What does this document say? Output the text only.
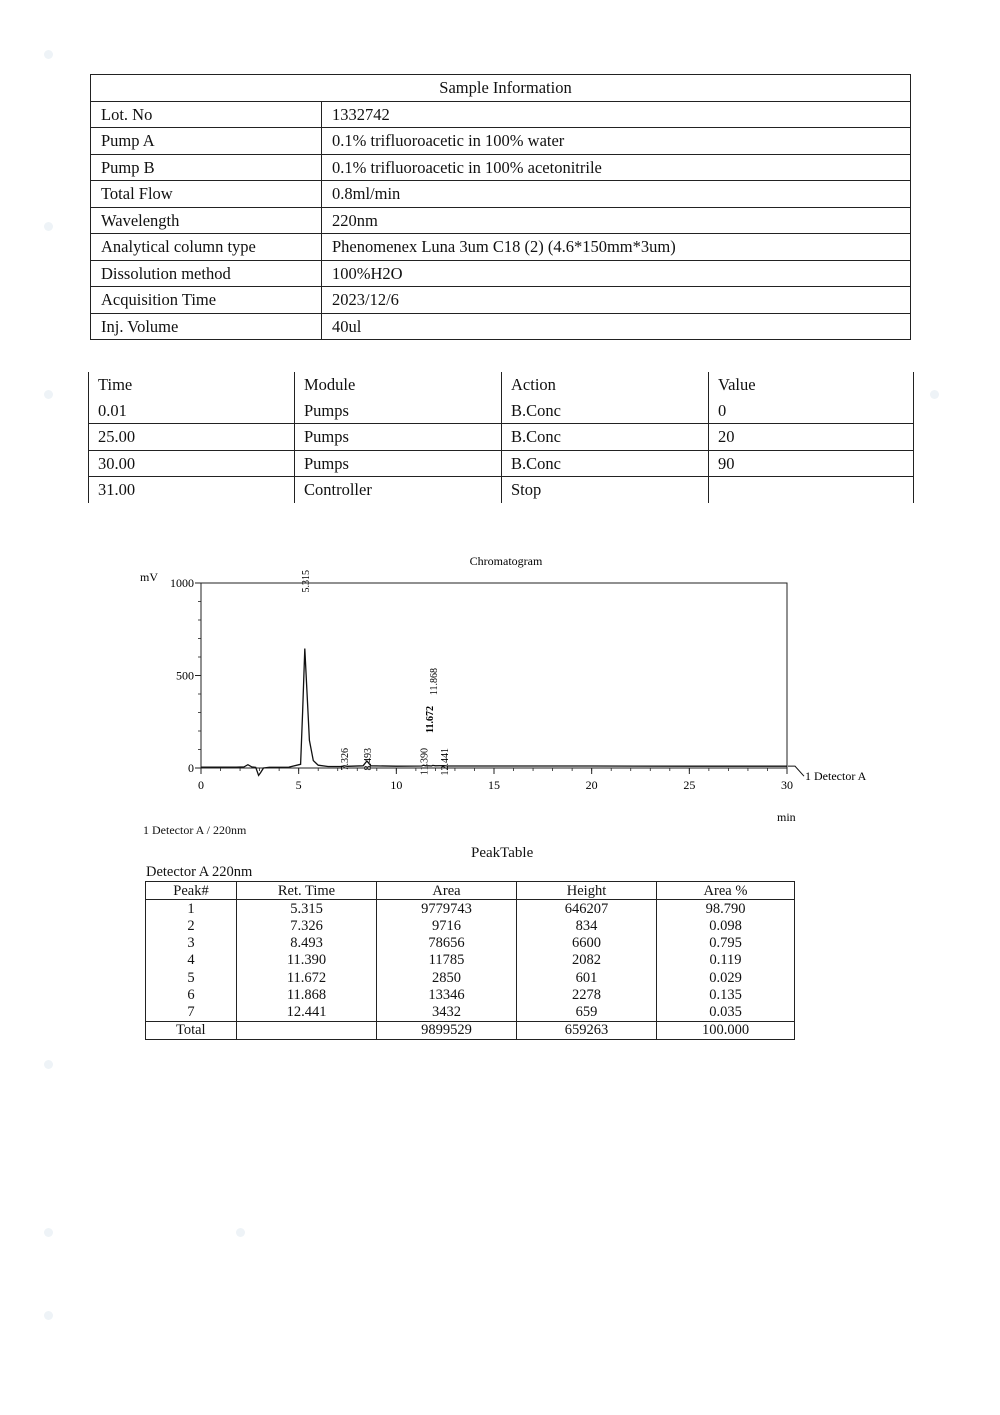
Sample Information	
Lot. No	1332742
Pump A	0.1% trifluoroacetic in 100% water
Pump B	0.1% trifluoroacetic in 100% acetonitrile
Total Flow	0.8ml/min
Wavelength	220nm
Analytical column type	Phenomenex Luna 3um C18 (2) (4.6*150mm*3um)
Dissolution method	100%H2O
Acquisition Time	2023/12/6
Inj. Volume	40ul
Time	Module	Action	Value
0.01	Pumps	B.Conc	0
25.00	Pumps	B.Conc	20
30.00	Pumps	B.Conc	90
31.00	Controller	Stop	
Chromatogram
mV
min
0
500
1000
0	5	10	15	20	25	30
5.315
7.326 8.493	11.390
11.672
11.868
12.441
1 Detector A
1 Detector A / 220nm
PeakTable
Detector A 220nm
Peak#	Ret. Time	Area	Height	Area %
1	5.315	9779743	646207	98.790
2	7.326	9716	834	0.098
3	8.493	78656	6600	0.795
4	11.390	11785	2082	0.119
5	11.672	2850	601	0.029
6	11.868	13346	2278	0.135
7	12.441	3432	659	0.035
Total		9899529	659263	100.000
